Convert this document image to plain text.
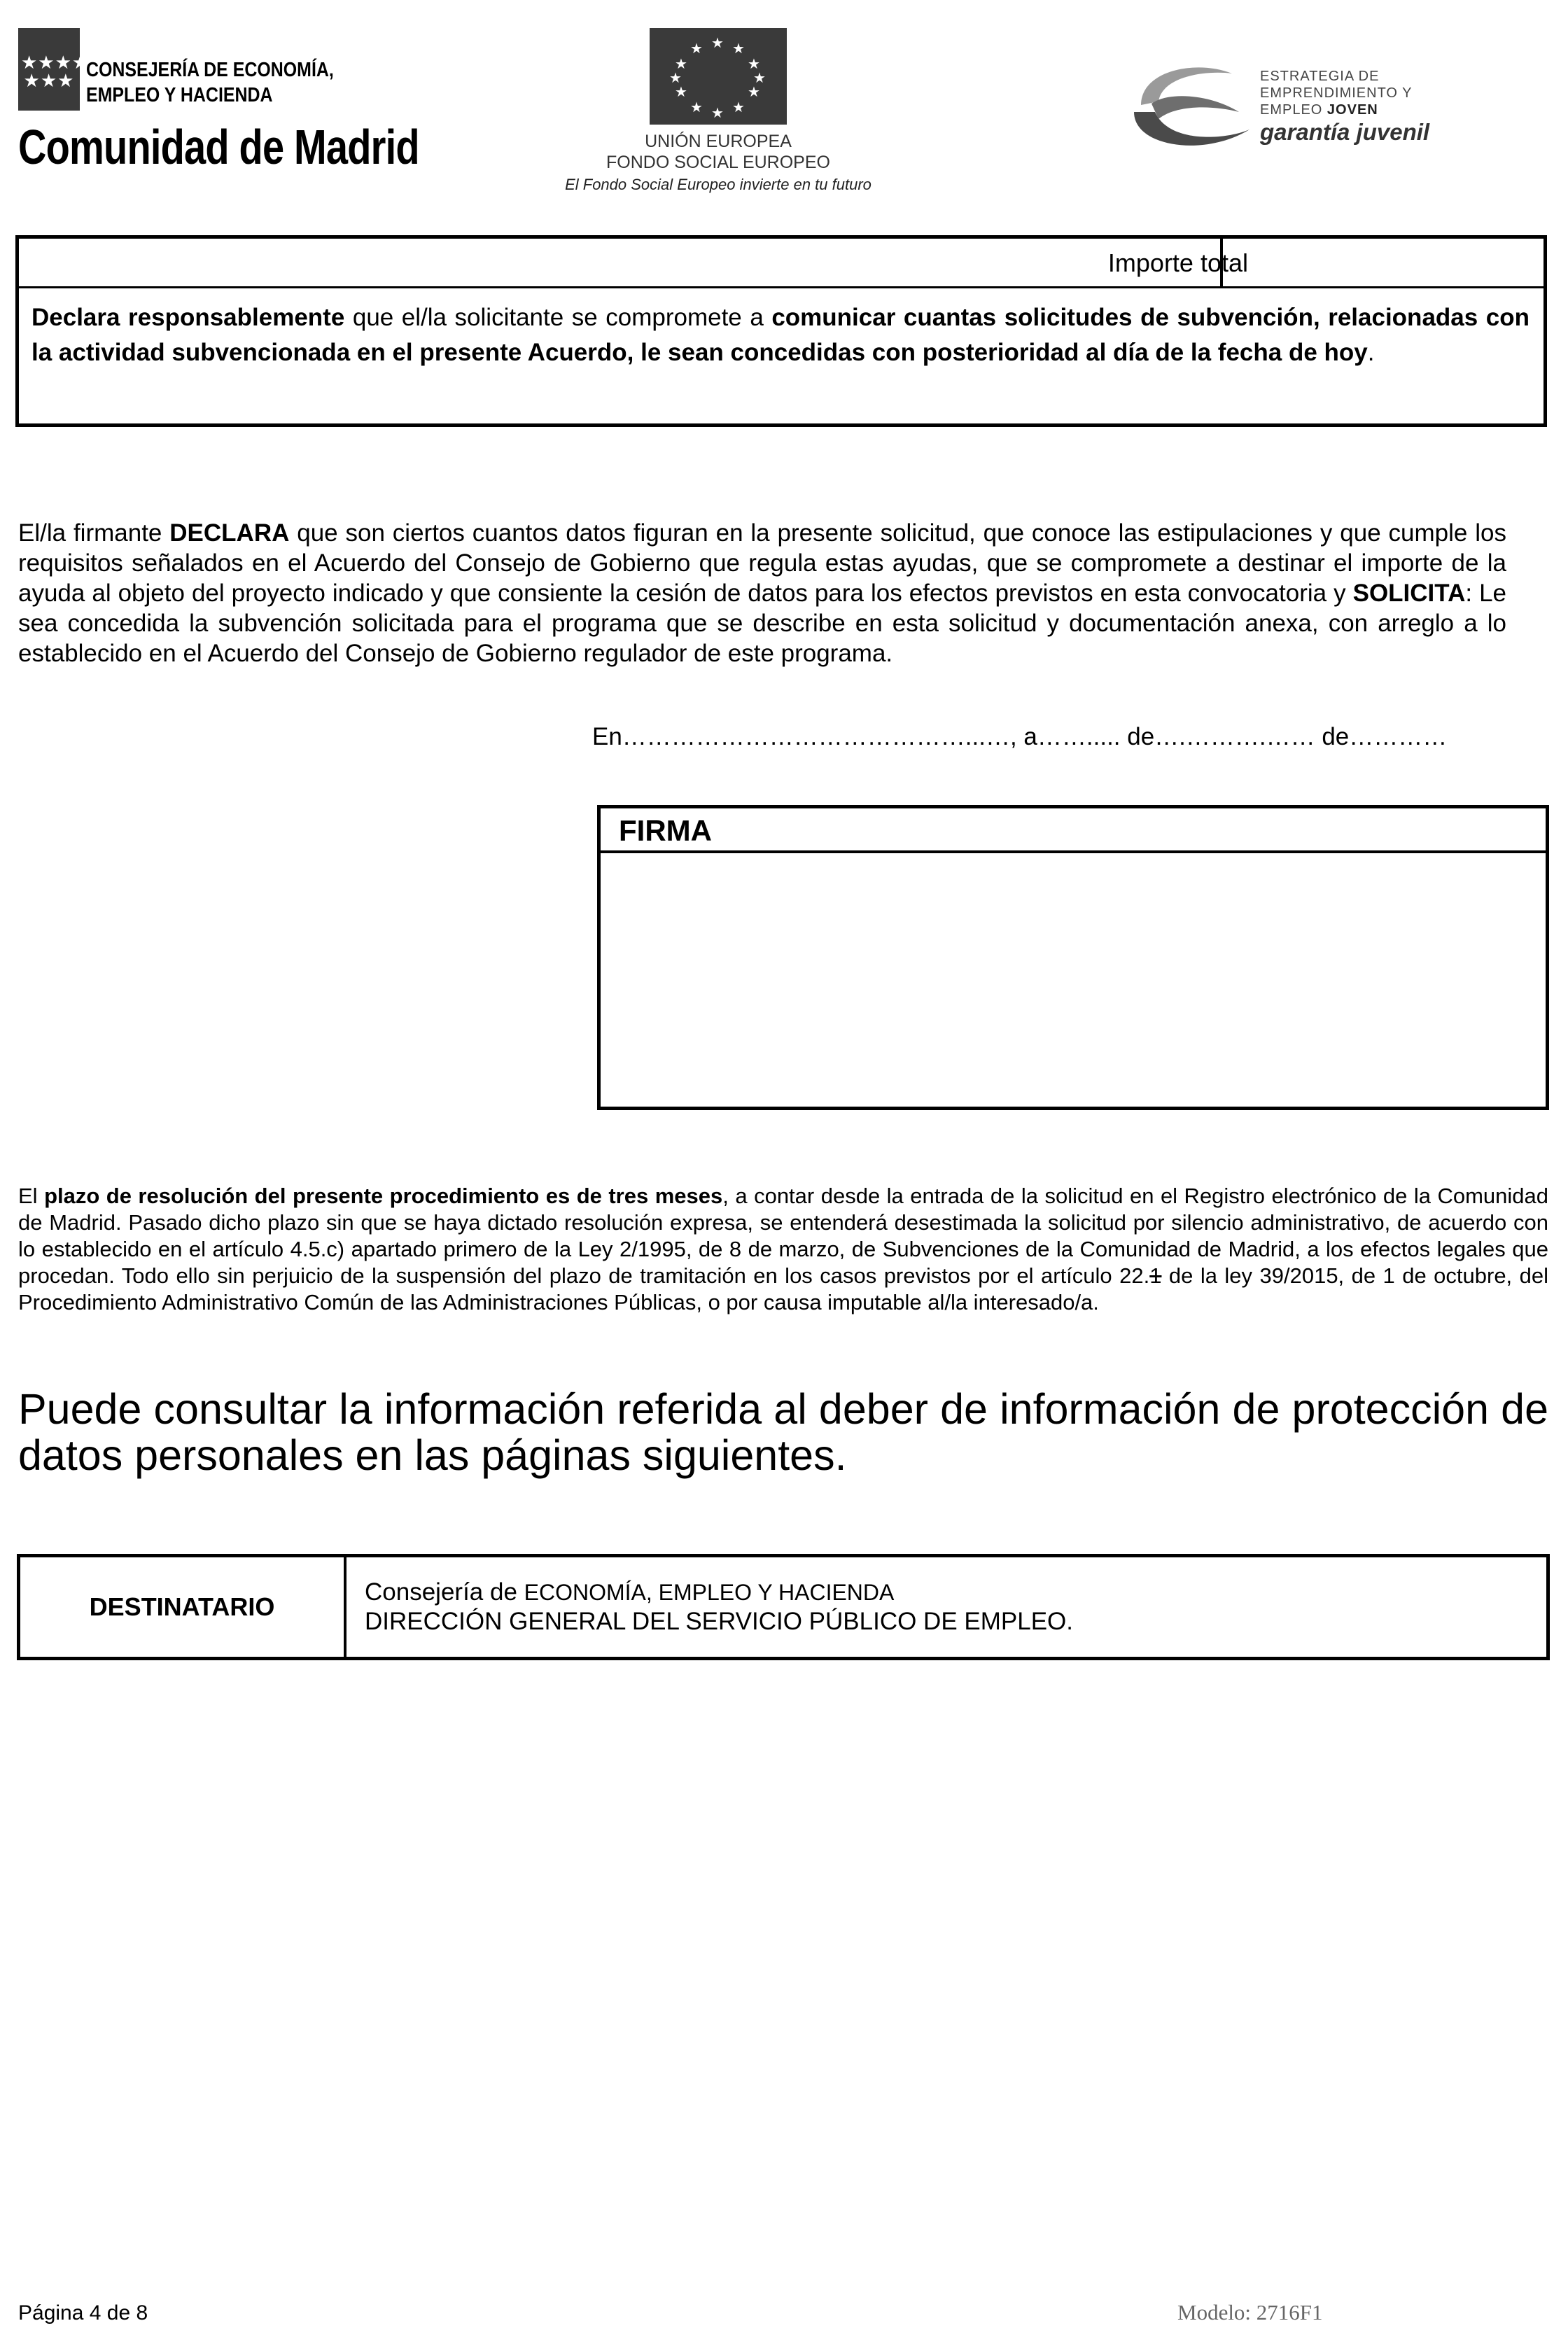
★★★★
★★★ CONSEJERÍA DE ECONOMÍA,
EMPLEO Y HACIENDA
Comunidad de Madrid
★ ★
★
★
★
★
★
★
★
★
★
★
UNIÓN EUROPEA
FONDO SOCIAL EUROPEO
El Fondo Social Europeo invierte en tu futuro
ESTRATEGIA DE
EMPRENDIMIENTO Y
EMPLEO JOVEN
garantía juvenil
Importe total
Declara responsablemente que el/la solicitante se compromete a comunicar cuantas solicitudes de subvención, relacionadas con la actividad subvencionada en el presente Acuerdo, le sean concedidas con posterioridad al día de la fecha de hoy.
El/la firmante DECLARA que son ciertos cuantos datos figuran en la presente solicitud, que conoce las estipulaciones y que cumple los requisitos señalados en el Acuerdo del Consejo de Gobierno que regula estas ayudas, que se compromete a destinar el importe de la ayuda al objeto del proyecto indicado y que consiente la cesión de datos para los efectos previstos en esta convocatoria y SOLICITA: Le sea concedida la subvención solicitada para el programa que se describe en esta solicitud y documentación anexa, con arreglo a lo establecido en el Acuerdo del Consejo de Gobierno regulador de este programa.
En……………………………………...…, a……..... de….……….…… de…………
FIRMA
El plazo de resolución del presente procedimiento es de tres meses, a contar desde la entrada de la solicitud en el Registro electrónico de la Comunidad de Madrid. Pasado dicho plazo sin que se haya dictado resolución expresa, se entenderá desestimada la solicitud por silencio administrativo, de acuerdo con lo establecido en el artículo 4.5.c) apartado primero de la Ley 2/1995, de 8 de marzo, de Subvenciones de la Comunidad de Madrid, a los efectos legales que procedan. Todo ello sin perjuicio de la suspensión del plazo de tramitación en los casos previstos por el artículo 22.1 de la ley 39/2015, de 1 de octubre, del Procedimiento Administrativo Común de las Administraciones Públicas, o por causa imputable al/la interesado/a.
Puede consultar la información referida al deber de información de protección de datos personales en las páginas siguientes.
DESTINATARIO
Consejería de ECONOMÍA, EMPLEO Y HACIENDA
DIRECCIÓN GENERAL DEL SERVICIO PÚBLICO DE EMPLEO.
Página 4 de 8	Modelo: 2716F1
